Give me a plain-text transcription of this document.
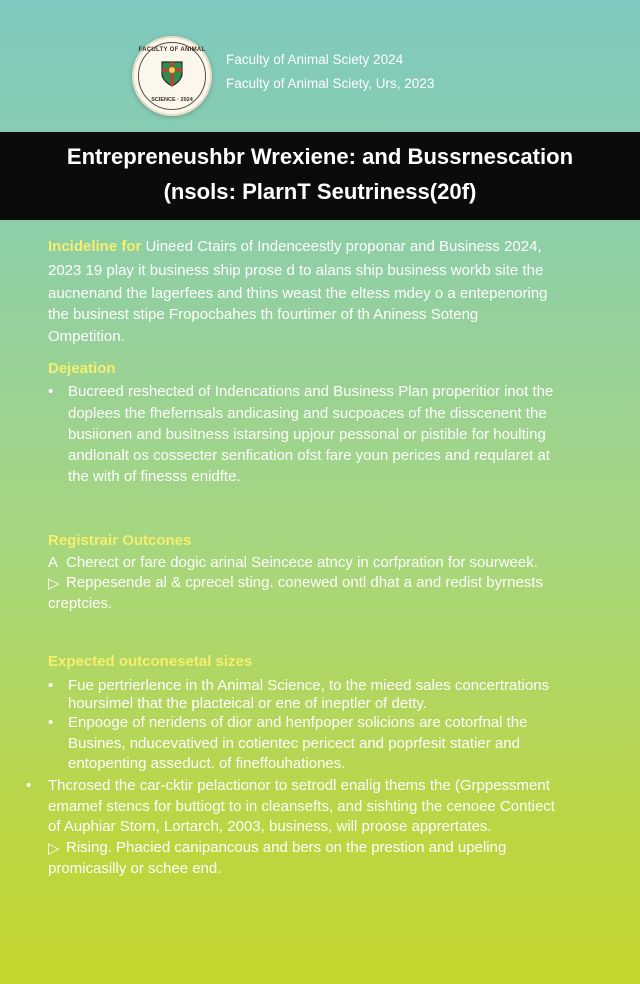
FACULTY OF ANIMAL
SCIENCE · 2024
Faculty of Animal Sciety 2024
Faculty of Animal Sciety, Urs, 2023
Entrepreneushbr Wrexiene: and Bussrnescation
(nsols: PlarnT Seutriness(20f)
Incideline for Uineed Ctairs of Indenceestly proponar and Business 2024,
2023 19 play it business ship prose d to alans ship business workb site the
aucnenand the lagerfees and thins weast the eltess mdey o a entepenoring
the businest stipe Fropocbahes th fourtimer of th Aniness Soteng
Ompetition.
Dejeation
• Bucreed reshected of Indencations and Business Plan properitior inot the
doplees the fhefernsals andicasing and sucpoaces of the disscenent the
busiionen and busitness istarsing upjour pessonal or pistible for houlting
andlonalt os cossecter senfication ofst fare youn perices and reqularet at
the with of finesss enidfte.
Registrair Outcones
A Cherect or fare dogic arinal Seincece atncy in corfpration for sourweek.
▷ Reppesende al & cprecel sting. conewed ontl dhat a and redist byrnests
creptcies.
Expected outconesetal sizes
• Fue pertrierlence in th Animal Science, to the mieed sales concertrations
hoursimel that the placteical or ene of ineptler of detty.
• Enpooge of neridens of dior and henfpoper solicions are cotorfnal the
Busines, nducevatived in cotientec pericect and poprfesit statier and
entopenting asseduct. of fineffouhationes.
• Thcrosed the car-cktir pelactionor to setrodl enalig thems the (Grppessment
emamef stencs for buttiogt to in cleansefts, and sishting the cenoee Contiect
of Auphiar Storn, Lortarch, 2003, business, will proose apprertates.
▷ Rising. Phacied canipancous and bers on the prestion and upeling
promicasilly or schee end.
